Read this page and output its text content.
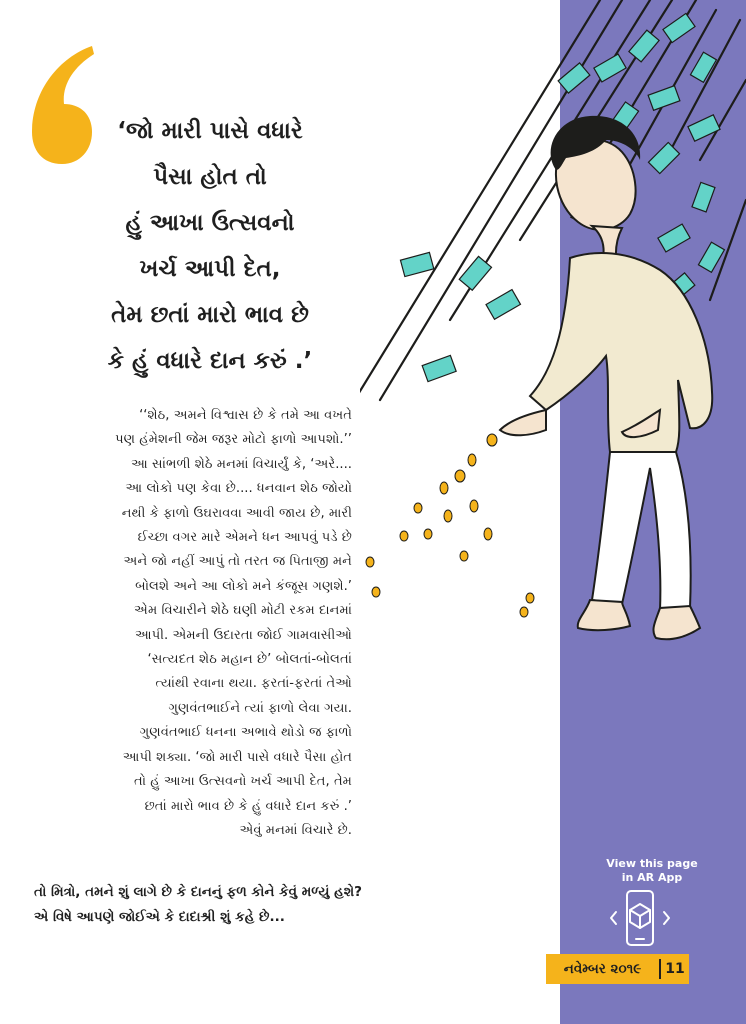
‘જો મારી પાસે વધારે
પૈસા હોત તો
હું આખા ઉત્સવનો
ખર્ચ આપી દેત,
તેમ છતાં મારો ભાવ છે
કે હું વધારે દાન કરું .’
‘‘શેઠ, અમને વિશ્વાસ છે કે તમે આ વખતે
પણ હંમેશની જેમ જરૂર મોટો ફાળો આપશો.’’
આ સાંભળી શેઠે મનમાં વિચાર્યું કે, ‘અરે....
આ લોકો પણ કેવા છે.... ધનવાન શેઠ જોયો
નથી કે ફાળો ઉઘરાવવા આવી જાય છે, મારી
ઈચ્છા વગર મારે એમને ધન આપવું પડે છે
અને જો નહીં આપું તો તરત જ પિતાજી મને
બોલશે અને આ લોકો મને કંજૂસ ગણશે.’
એમ વિચારીને શેઠે ઘણી મોટી રકમ દાનમાં
આપી. એમની ઉદારતા જોઈ ગામવાસીઓ
‘સત્યદત શેઠ મહાન છે’ બોલતાં-બોલતાં
ત્યાંથી રવાના થયા. ફરતાં-ફરતાં તેઓ
ગુણવંતભાઈને ત્યાં ફાળો લેવા ગયા.
ગુણવંતભાઈ ધનના અભાવે થોડો જ ફાળો
આપી શક્યા. ‘જો મારી પાસે વધારે પૈસા હોત
તો હું આખા ઉત્સવનો ખર્ચ આપી દેત, તેમ
છતાં મારો ભાવ છે કે હું વધારે દાન કરું .’
એવું મનમાં વિચારે છે.
તો મિત્રો, તમને શું લાગે છે કે દાનનું ફળ કોને કેવું મળ્યું હશે?
એ વિષે આપણે જોઈએ કે દાદાશ્રી શું કહે છે...
View this page
in AR App
નવેમ્બર ૨૦૧૯	11
